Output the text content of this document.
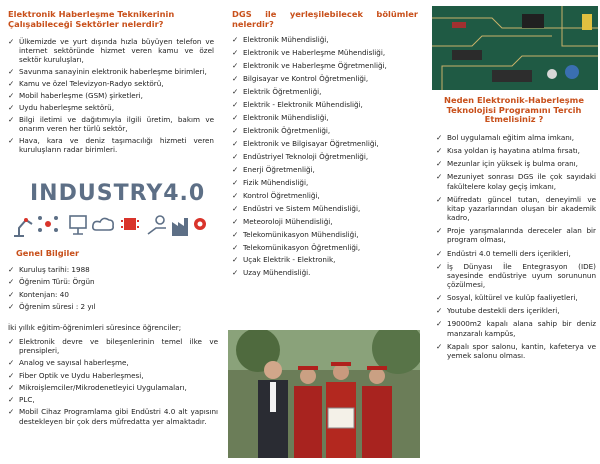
Elektronik Haberleşme Teknikerinin Çalışabileceği Sektörler nelerdir?
✓ Ülkemizde ve yurt dışında hızla büyüyen telefon ve internet sektöründe hizmet veren kamu ve özel sektör kuruluşları,
✓ Savunma sanayinin elektronik haberleşme birimleri,
✓ Kamu ve özel Televizyon-Radyo sektörü,
✓ Mobil haberleşme (GSM) şirketleri,
✓ Uydu haberleşme sektörü,
✓ Bilgi iletimi ve dağıtımıyla ilgili üretim, bakım ve onarım veren her türlü sektör,
✓ Hava, kara ve deniz taşımacılığı hizmeti veren kuruluşların radar birimleri.
INDUSTRY4.0
Genel Bilgiler
✓ Kuruluş tarihi: 1988
✓ Öğrenim Türü: Örgün
✓ Kontenjan: 40
✓ Öğrenim süresi : 2 yıl
İki yıllık eğitim-öğrenimleri süresince öğrenciler;
✓ Elektronik devre ve bileşenlerinin temel ilke ve prensipleri,
✓ Analog ve sayısal haberleşme,
✓ Fiber Optik ve Uydu Haberleşmesi,
✓ Mikroişlemciler/Mikrodenetleyici Uygulamaları,
✓ PLC,
✓ Mobil Cihaz Programlama gibi Endüstri 4.0 alt yapısını destekleyen bir çok ders müfredatta yer almaktadır.
DGS ile yerleşilebilecek bölümler nelerdir?
✓ Elektronik Mühendisliği,
✓ Elektronik ve Haberleşme Mühendisliği,
✓ Elektronik ve Haberleşme Öğretmenliği,
✓ Bilgisayar ve Kontrol Öğretmenliği,
✓ Elektrik Öğretmenliği,
✓ Elektrik - Elektronik Mühendisliği,
✓ Elektronik Mühendisliği,
✓ Elektronik Öğretmenliği,
✓ Elektronik ve Bilgisayar Öğretmenliği,
✓ Endüstriyel Teknoloji Öğretmenliği,
✓ Enerji Öğretmenliği,
✓ Fizik Mühendisliği,
✓ Kontrol Öğretmenliği,
✓ Endüstri ve Sistem Mühendisliği,
✓ Meteoroloji Mühendisliği,
✓ Telekomünikasyon Mühendisliği,
✓ Telekomünikasyon Öğretmenliği,
✓ Uçak Elektrik - Elektronik,
✓ Uzay Mühendisliği.
Neden Elektronik-Haberleşme Teknolojisi Programını Tercih Etmelisiniz ?
✓ Bol uygulamalı eğitim alma imkanı,
✓ Kısa yoldan iş hayatına atılma fırsatı,
✓ Mezunlar için yüksek iş bulma oranı,
✓ Mezuniyet sonrası DGS ile çok sayıdaki fakültelere kolay geçiş imkanı,
✓ Müfredatı güncel tutan, deneyimli ve kitap yazarlarından oluşan bir akademik kadro,
✓ Proje yarışmalarında dereceler alan bir program olması,
✓ Endüstri 4.0 temelli ders içerikleri,
✓ İş Dünyası İle Entegrasyon (IDE) sayesinde endüstriye uyum sorununun çözülmesi,
✓ Sosyal, kültürel ve kulüp faaliyetleri,
✓ Youtube destekli ders içerikleri,
✓ 19000m2 kapalı alana sahip bir deniz manzaralı kampüs,
✓ Kapalı spor salonu, kantin, kafeterya ve yemek salonu olması.
